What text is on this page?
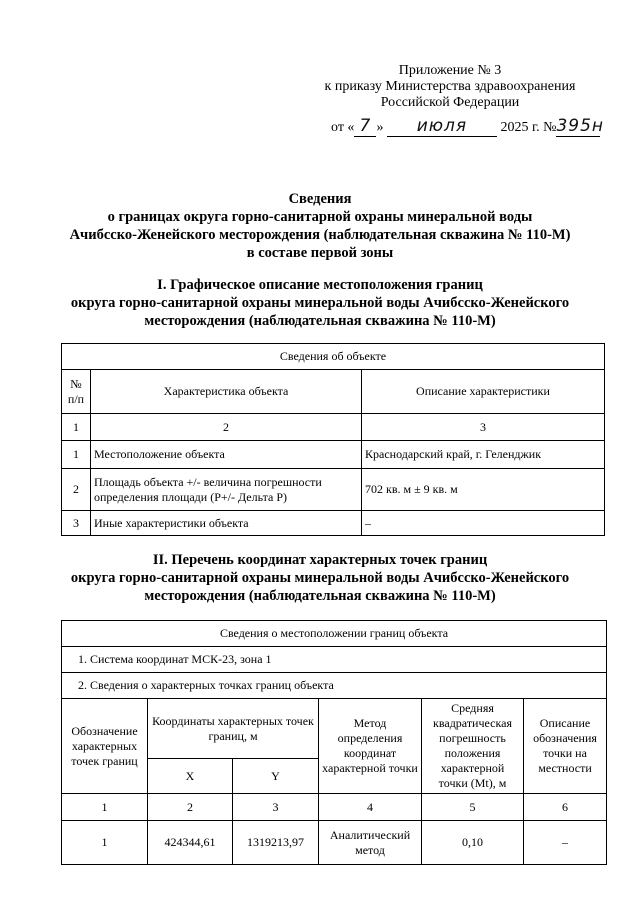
Приложение № 3
к приказу Министерства здравоохранения
Российской Федерации
от « 7 » июля 2025 г. №395н
Сведения
о границах округа горно-санитарной охраны минеральной воды
Ачибсско-Женейского месторождения (наблюдательная скважина № 110-М)
в составе первой зоны
I. Графическое описание местоположения границ
округа горно-санитарной охраны минеральной воды Ачибсско-Женейского
месторождения (наблюдательная скважина № 110-М)
Сведения об объекте		
№ п/п	Характеристика объекта	Описание характеристики
1	2	3
1	Местоположение объекта	Краснодарский край, г. Геленджик
2	Площадь объекта +/- величина погрешности определения площади (P+/- Дельта P)	702 кв. м ± 9 кв. м
3	Иные характеристики объекта	–
II. Перечень координат характерных точек границ
округа горно-санитарной охраны минеральной воды Ачибсско-Женейского
месторождения (наблюдательная скважина № 110-М)
Сведения о местоположении границ объекта					
1. Система координат МСК-23, зона 1					
2. Сведения о характерных точках границ объекта					
Обозначение характерных точек границ	Координаты характерных точек границ, м		Метод определения координат характерной точки	Средняя квадратическая погрешность положения характерной точки (Mt), м	Описание обозначения точки на местности
	X	Y			
1	2	3	4	5	6
1	424344,61	1319213,97	Аналитический метод	0,10	–
